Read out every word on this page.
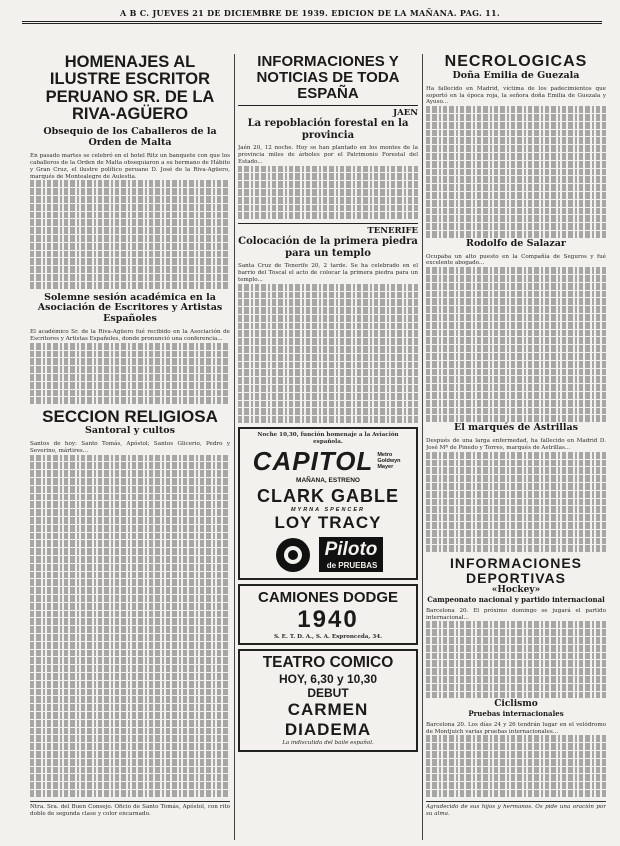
A B C. JUEVES 21 DE DICIEMBRE DE 1939. EDICION DE LA MAÑANA. PAG. 11.
HOMENAJES AL ILUSTRE ESCRITOR PERUANO SR. DE LA RIVA-AGÜERO
Obsequio de los Caballeros de la Orden de Malta
En pasado martes se celebró en el hotel Ritz un banquete con que los caballeros de la Orden de Malta obsequiaron a su hermano de Hábito y Gran Cruz, el ilustre político peruano D. José de la Riva-Agüero, marqués de Montealegre de Aulestia.
Solemne sesión académica en la Asociación de Escritores y Artistas Españoles
El académico Sr. de la Riva-Agüero fué recibido en la Asociación de Escritores y Artistas Españoles, donde pronunció una conferencia...
SECCION RELIGIOSA
Santoral y cultos
Santos de hoy: Santo Tomás, Apóstol; Santos Glicerio, Pedro y Severino, mártires...
Ntra. Sra. del Buen Consejo. Oficio de Santo Tomás, Apóstol, con rito doble de segunda clase y color encarnado.
INFORMACIONES Y NOTICIAS DE TODA ESPAÑA
JAEN
La repoblación forestal en la provincia
Jaén 20, 12 noche. Hoy se han plantado en los montes de la provincia miles de árboles por el Patrimonio Forestal del Estado...
TENERIFE
Colocación de la primera piedra para un templo
Santa Cruz de Tenerife 20, 2 tarde. Se ha celebrado en el barrio del Toscal el acto de colocar la primera piedra para un templo...
Noche 10,30, función homenaje a la Aviación española.
CAPITOL Metro Goldwyn Mayer
MAÑANA, ESTRENO
CLARK GABLE
MYRNA SPENCER
LOY TRACY
Piloto
de PRUEBAS
CAMIONES DODGE
1940
S. E. T. D. A., S. A. Espronceda, 34.
TEATRO COMICO
HOY, 6,30 y 10,30
DEBUT
CARMEN DIADEMA
La indiscutida del baile español.
NECROLOGICAS
Doña Emilia de Guezala
Ha fallecido en Madrid, víctima de los padecimientos que soportó en la época roja, la señora doña Emilia de Guezala y Ayuso...
Rodolfo de Salazar
Ocupaba un alto puesto en la Compañía de Seguros y fué excelente abogado...
El marqués de Astrillas
Después de una larga enfermedad, ha fallecido en Madrid D. José Mª de Pinedo y Torres, marqués de Astrillas...
INFORMACIONES DEPORTIVAS
«Hockey»
Campeonato nacional y partido internacional
Barcelona 20. El próximo domingo se jugará el partido internacional...
Ciclismo
Pruebas internacionales
Barcelona 20. Los días 24 y 26 tendrán lugar en el velódromo de Montjuich varias pruebas internacionales...
Agradecido de sus hijos y hermanos. Os pide una oración por su alma.
